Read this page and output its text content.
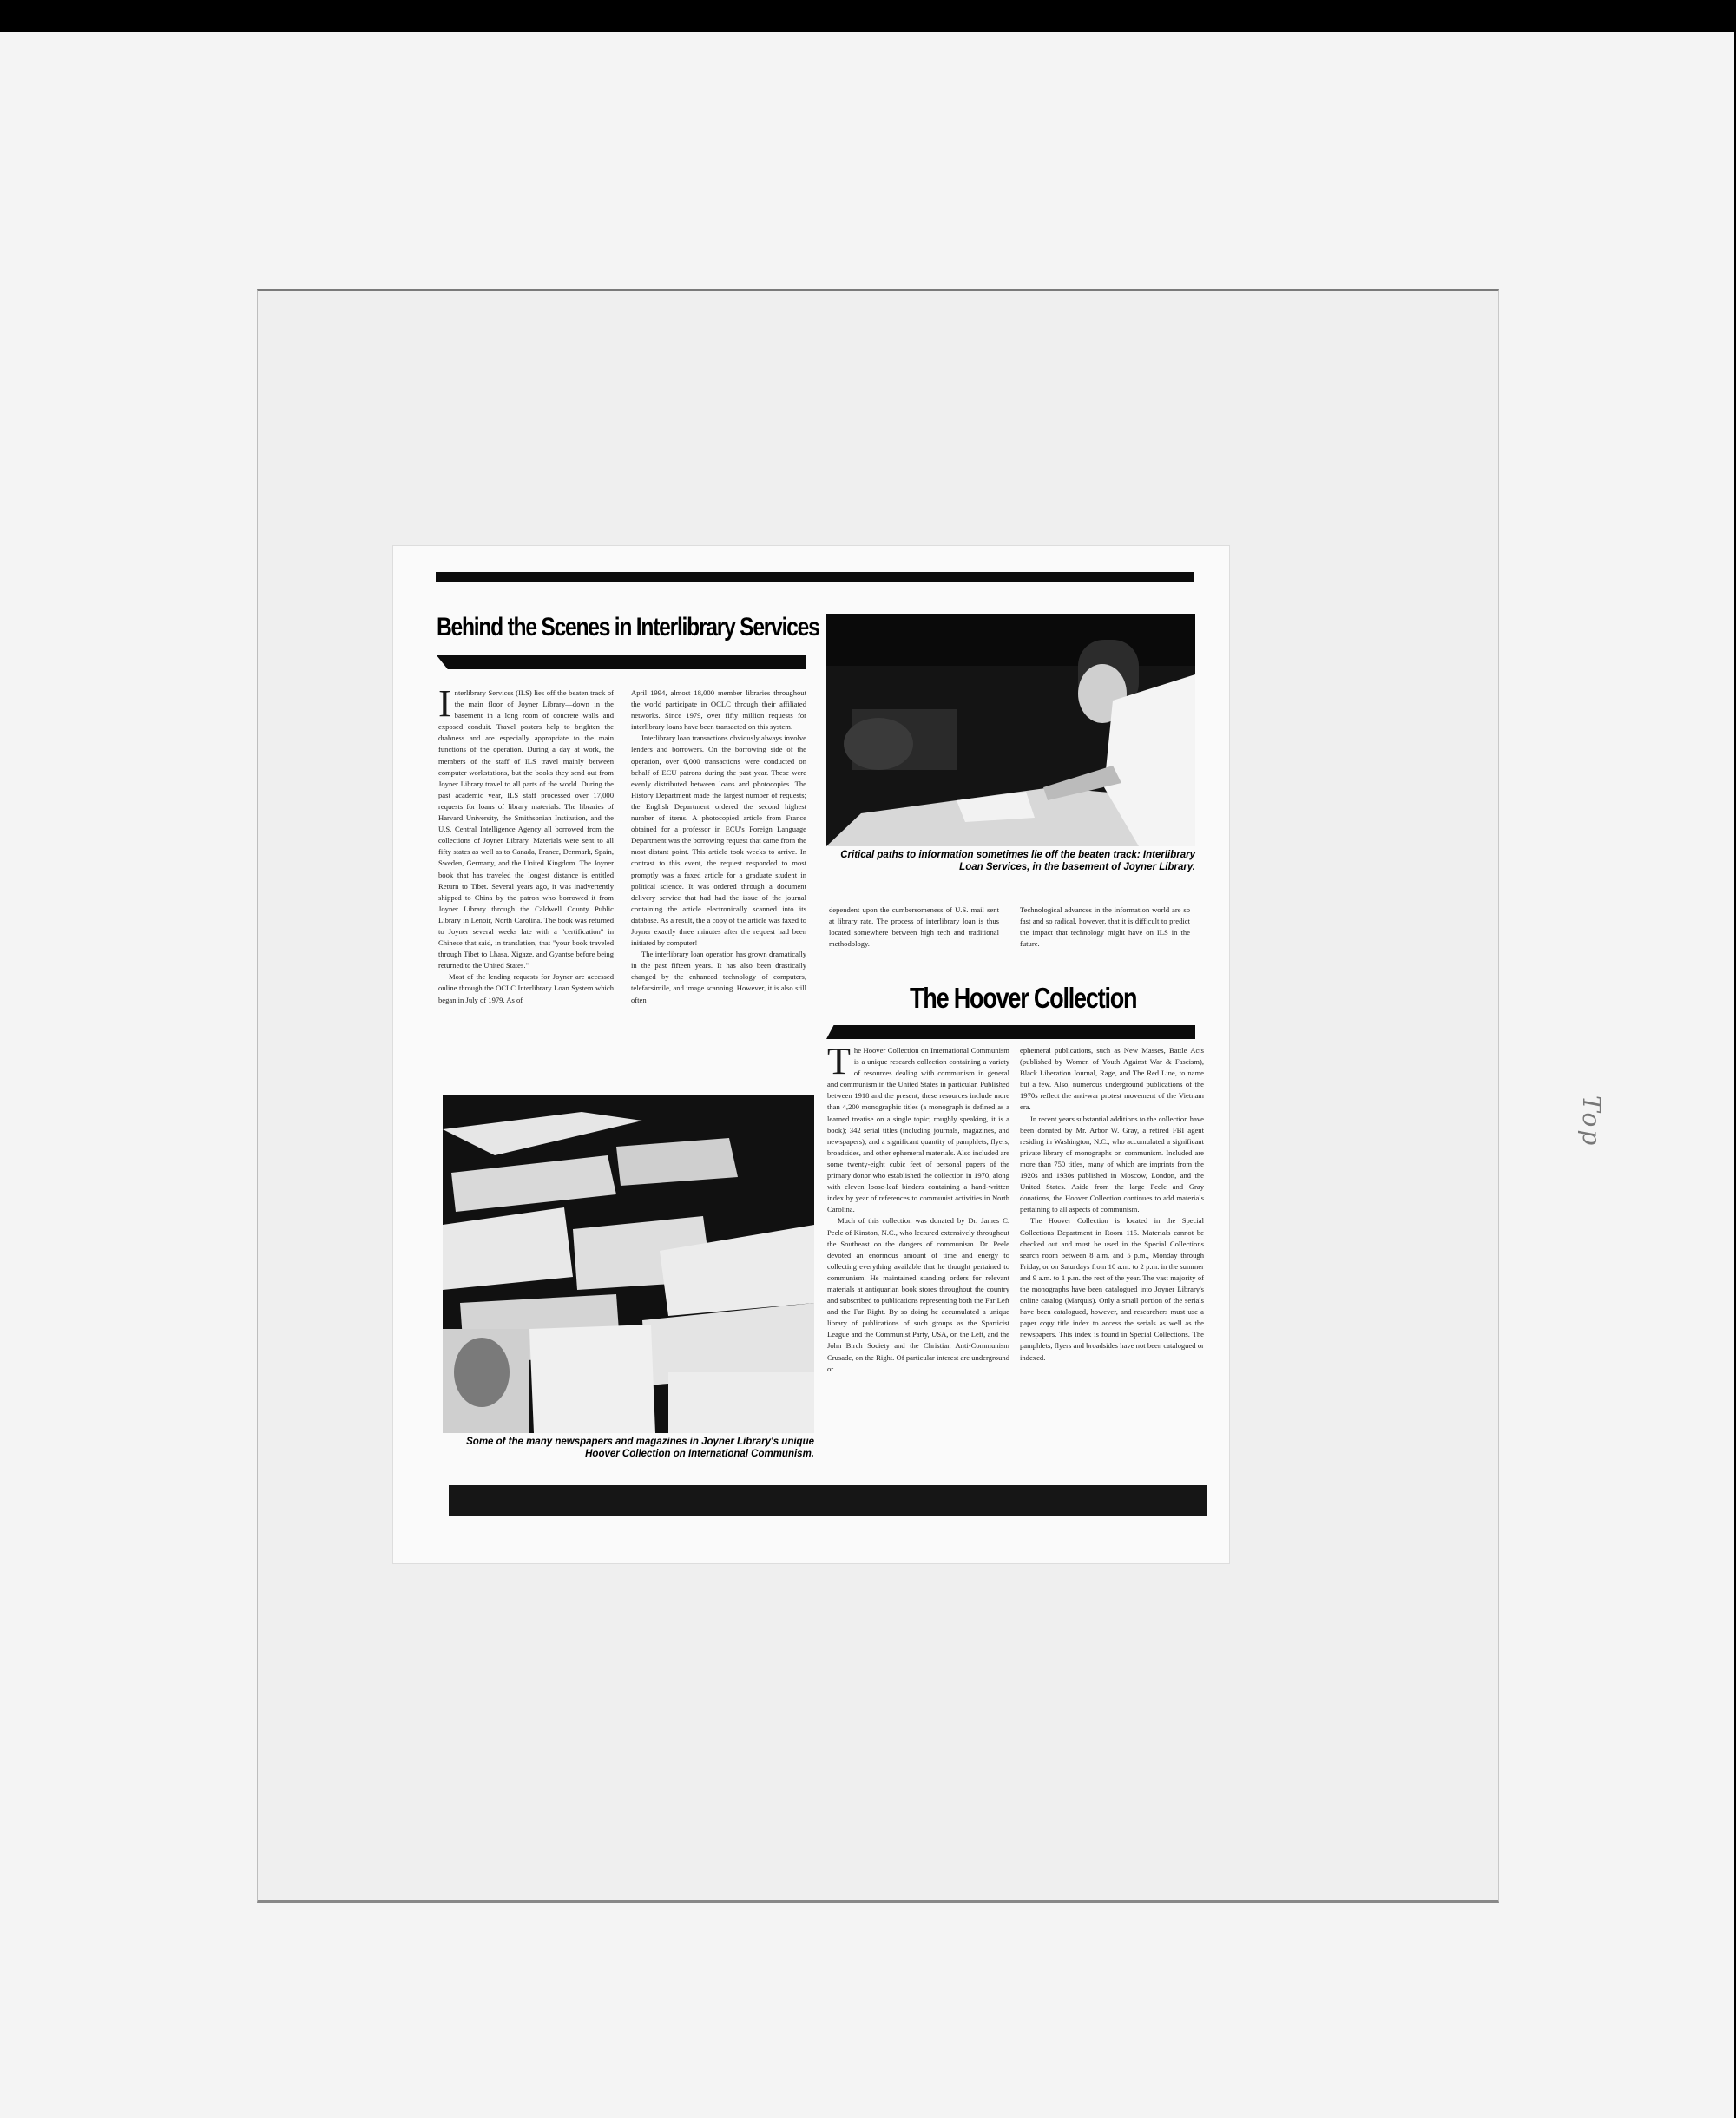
Top
Behind the Scenes in Interlibrary Services

Interlibrary Services (ILS) lies off the beaten track of the main floor of Joyner Library—down in the basement in a long room of concrete walls and exposed conduit. Travel posters help to brighten the drabness and are especially appropriate to the main functions of the operation. During a day at work, the members of the staff of ILS travel mainly between computer workstations, but the books they send out from Joyner Library travel to all parts of the world. During the past academic year, ILS staff processed over 17,000 requests for loans of library materials. The libraries of Harvard University, the Smithsonian Institution, and the U.S. Central Intelligence Agency all borrowed from the collections of Joyner Library. Materials were sent to all fifty states as well as to Canada, France, Denmark, Spain, Sweden, Germany, and the United Kingdom. The Joyner book that has traveled the longest distance is entitled Return to Tibet. Several years ago, it was inadvertently shipped to China by the patron who borrowed it from Joyner Library through the Caldwell County Public Library in Lenoir, North Carolina. The book was returned to Joyner several weeks late with a "certification" in Chinese that said, in translation, that "your book traveled through Tibet to Lhasa, Xigaze, and Gyantse before being returned to the United States."

Most of the lending requests for Joyner are accessed online through the OCLC Interlibrary Loan System which began in July of 1979. As of

April 1994, almost 18,000 member libraries throughout the world participate in OCLC through their affiliated networks. Since 1979, over fifty million requests for interlibrary loans have been transacted on this system.

Interlibrary loan transactions obviously always involve lenders and borrowers. On the borrowing side of the operation, over 6,000 transactions were conducted on behalf of ECU patrons during the past year. These were evenly distributed between loans and photocopies. The History Department made the largest number of requests; the English Department ordered the second highest number of items. A photocopied article from France obtained for a professor in ECU's Foreign Language Department was the borrowing request that came from the most distant point. This article took weeks to arrive. In contrast to this event, the request responded to most promptly was a faxed article for a graduate student in political science. It was ordered through a document delivery service that had had the issue of the journal containing the article electronically scanned into its database. As a result, the a copy of the article was faxed to Joyner exactly three minutes after the request had been initiated by computer!

The interlibrary loan operation has grown dramatically in the past fifteen years. It has also been drastically changed by the enhanced technology of computers, telefacsimile, and image scanning. However, it is also still often

Critical paths to information sometimes lie off the beaten track: Interlibrary
Loan Services, in the basement of Joyner Library.

dependent upon the cumbersomeness of U.S. mail sent at library rate. The process of interlibrary loan is thus located somewhere between high tech and traditional methodology.

Technological advances in the information world are so fast and so radical, however, that it is difficult to predict the impact that technology might have on ILS in the future.

The Hoover Collection
Some of the many newspapers and magazines in Joyner Library's unique
Hoover Collection on International Communism.

The Hoover Collection on International Communism is a unique research collection containing a variety of resources dealing with communism in general and communism in the United States in particular. Published between 1918 and the present, these resources include more than 4,200 monographic titles (a monograph is defined as a learned treatise on a single topic; roughly speaking, it is a book); 342 serial titles (including journals, magazines, and newspapers); and a significant quantity of pamphlets, flyers, broadsides, and other ephemeral materials. Also included are some twenty-eight cubic feet of personal papers of the primary donor who established the collection in 1970, along with eleven loose-leaf binders containing a hand-written index by year of references to communist activities in North Carolina.

Much of this collection was donated by Dr. James C. Peele of Kinston, N.C., who lectured extensively throughout the Southeast on the dangers of communism. Dr. Peele devoted an enormous amount of time and energy to collecting everything available that he thought pertained to communism. He maintained standing orders for relevant materials at antiquarian book stores throughout the country and subscribed to publications representing both the Far Left and the Far Right. By so doing he accumulated a unique library of publications of such groups as the Sparticist League and the Communist Party, USA, on the Left, and the John Birch Society and the Christian Anti-Communism Crusade, on the Right. Of particular interest are underground or

ephemeral publications, such as New Masses, Battle Acts (published by Women of Youth Against War & Fascism), Black Liberation Journal, Rage, and The Red Line, to name but a few. Also, numerous underground publications of the 1970s reflect the anti-war protest movement of the Vietnam era.

In recent years substantial additions to the collection have been donated by Mr. Arbor W. Gray, a retired FBI agent residing in Washington, N.C., who accumulated a significant private library of monographs on communism. Included are more than 750 titles, many of which are imprints from the 1920s and 1930s published in Moscow, London, and the United States. Aside from the large Peele and Gray donations, the Hoover Collection continues to add materials pertaining to all aspects of communism.

The Hoover Collection is located in the Special Collections Department in Room 115. Materials cannot be checked out and must be used in the Special Collections search room between 8 a.m. and 5 p.m., Monday through Friday, or on Saturdays from 10 a.m. to 2 p.m. in the summer and 9 a.m. to 1 p.m. the rest of the year. The vast majority of the monographs have been catalogued into Joyner Library's online catalog (Marquis). Only a small portion of the serials have been catalogued, however, and researchers must use a paper copy title index to access the serials as well as the newspapers. This index is found in Special Collections. The pamphlets, flyers and broadsides have not been catalogued or indexed.
